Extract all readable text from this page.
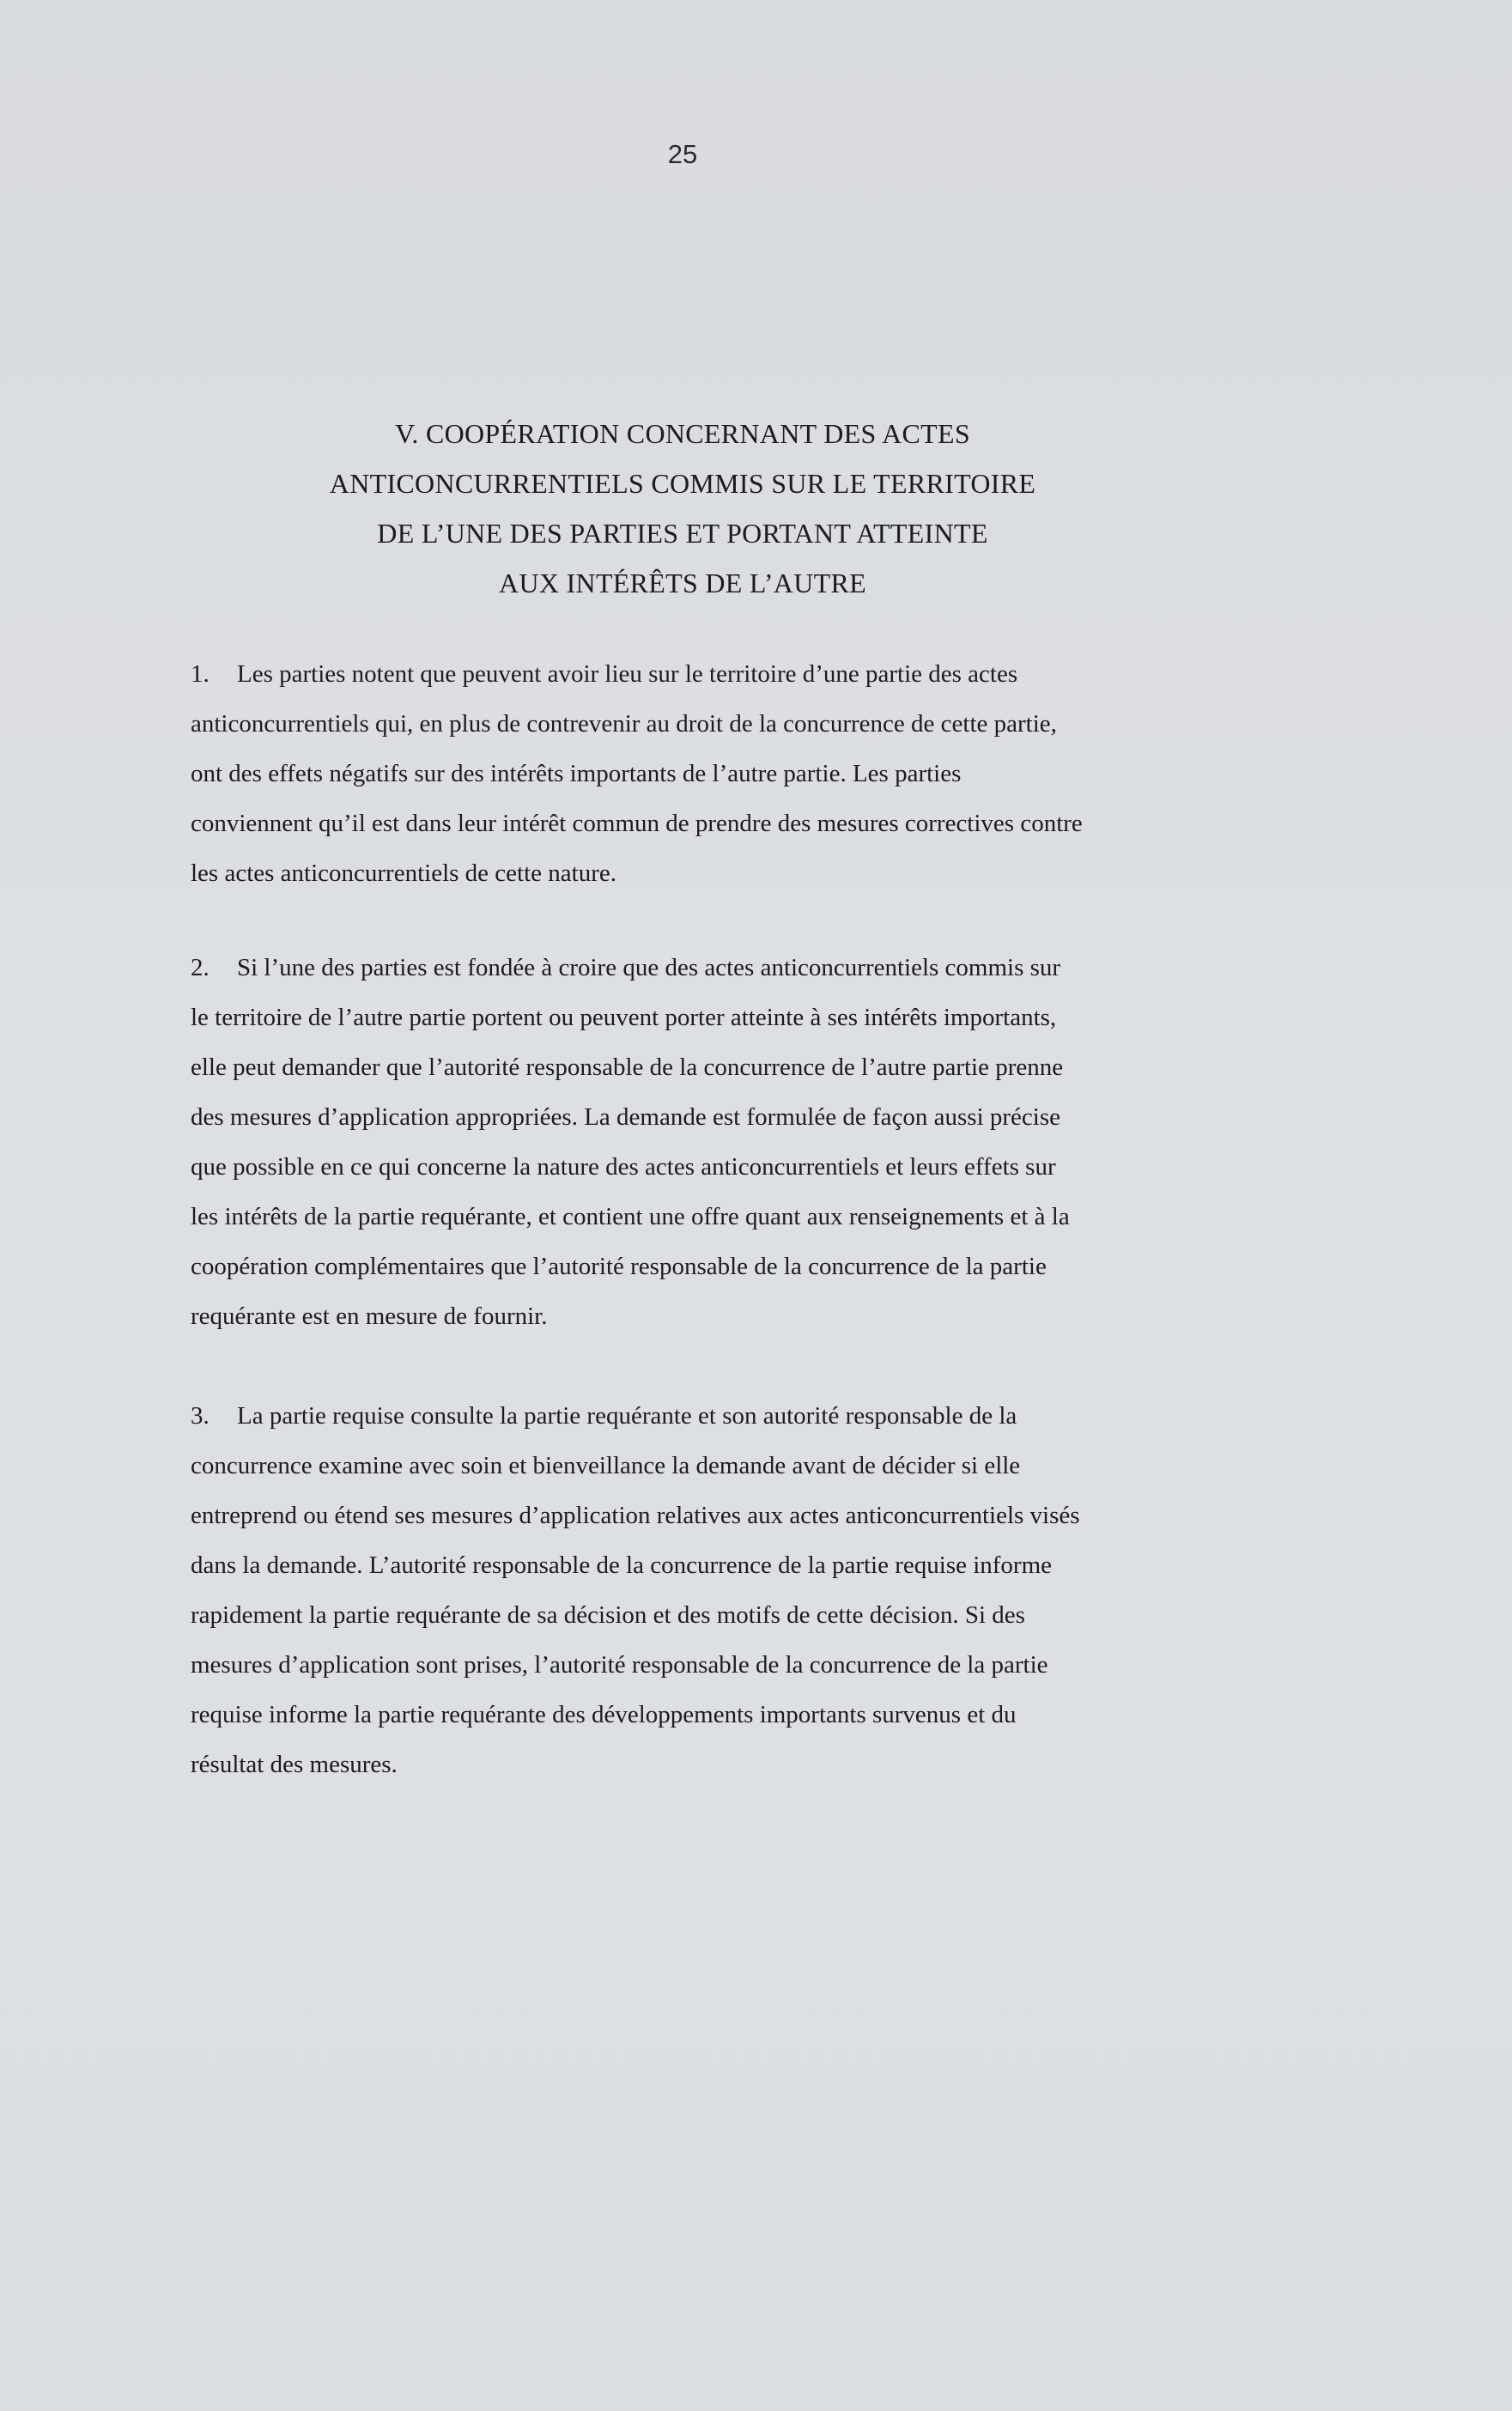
25
V. COOPÉRATION CONCERNANT DES ACTES
ANTICONCURRENTIELS COMMIS SUR LE TERRITOIRE
DE L’UNE DES PARTIES ET PORTANT ATTEINTE
AUX INTÉRÊTS DE L’AUTRE
1. Les parties notent que peuvent avoir lieu sur le territoire d’une partie des actes
anticoncurrentiels qui, en plus de contrevenir au droit de la concurrence de cette partie,
ont des effets négatifs sur des intérêts importants de l’autre partie. Les parties
conviennent qu’il est dans leur intérêt commun de prendre des mesures correctives contre
les actes anticoncurrentiels de cette nature.
2. Si l’une des parties est fondée à croire que des actes anticoncurrentiels commis sur
le territoire de l’autre partie portent ou peuvent porter atteinte à ses intérêts importants,
elle peut demander que l’autorité responsable de la concurrence de l’autre partie prenne
des mesures d’application appropriées. La demande est formulée de façon aussi précise
que possible en ce qui concerne la nature des actes anticoncurrentiels et leurs effets sur
les intérêts de la partie requérante, et contient une offre quant aux renseignements et à la
coopération complémentaires que l’autorité responsable de la concurrence de la partie
requérante est en mesure de fournir.
3. La partie requise consulte la partie requérante et son autorité responsable de la
concurrence examine avec soin et bienveillance la demande avant de décider si elle
entreprend ou étend ses mesures d’application relatives aux actes anticoncurrentiels visés
dans la demande. L’autorité responsable de la concurrence de la partie requise informe
rapidement la partie requérante de sa décision et des motifs de cette décision. Si des
mesures d’application sont prises, l’autorité responsable de la concurrence de la partie
requise informe la partie requérante des développements importants survenus et du
résultat des mesures.
